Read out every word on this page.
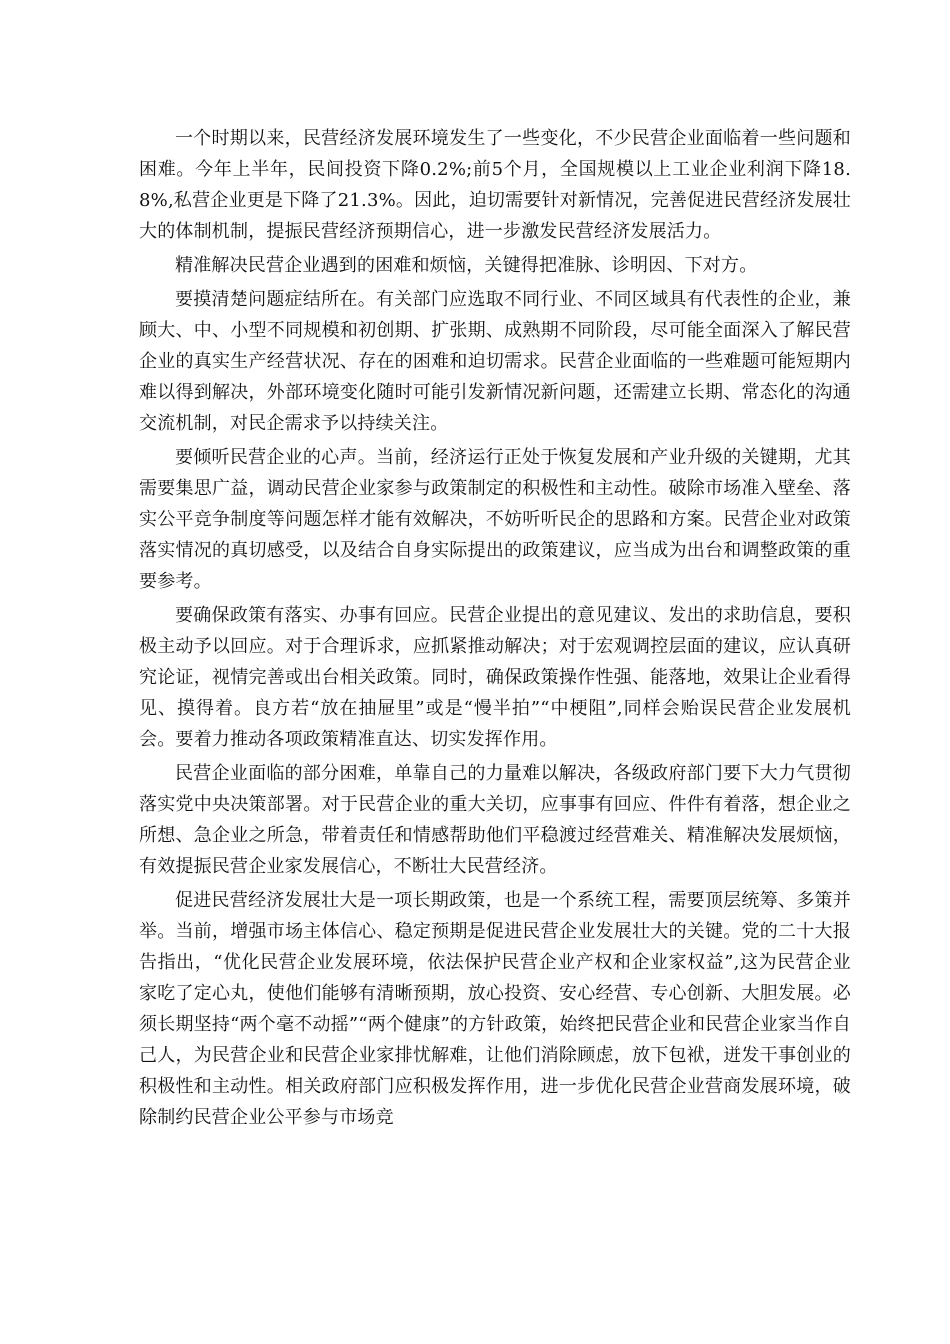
一个时期以来，民营经济发展环境发生了一些变化，不少民营企业面临着一些问题和困难。今年上半年，民间投资下降0.2%;前5个月，全国规模以上工业企业利润下降18.8%,私营企业更是下降了21.3%。因此，迫切需要针对新情况，完善促进民营经济发展壮大的体制机制，提振民营经济预期信心，进一步激发民营经济发展活力。

精准解决民营企业遇到的困难和烦恼，关键得把准脉、诊明因、下对方。

要摸清楚问题症结所在。有关部门应选取不同行业、不同区域具有代表性的企业，兼顾大、中、小型不同规模和初创期、扩张期、成熟期不同阶段，尽可能全面深入了解民营企业的真实生产经营状况、存在的困难和迫切需求。民营企业面临的一些难题可能短期内难以得到解决，外部环境变化随时可能引发新情况新问题，还需建立长期、常态化的沟通交流机制，对民企需求予以持续关注。

要倾听民营企业的心声。当前，经济运行正处于恢复发展和产业升级的关键期，尤其需要集思广益，调动民营企业家参与政策制定的积极性和主动性。破除市场准入壁垒、落实公平竞争制度等问题怎样才能有效解决，不妨听听民企的思路和方案。民营企业对政策落实情况的真切感受，以及结合自身实际提出的政策建议，应当成为出台和调整政策的重要参考。

要确保政策有落实、办事有回应。民营企业提出的意见建议、发出的求助信息，要积极主动予以回应。对于合理诉求，应抓紧推动解决；对于宏观调控层面的建议，应认真研究论证，视情完善或出台相关政策。同时，确保政策操作性强、能落地，效果让企业看得见、摸得着。良方若“放在抽屉里”或是“慢半拍”“中梗阻”,同样会贻误民营企业发展机会。要着力推动各项政策精准直达、切实发挥作用。

民营企业面临的部分困难，单靠自己的力量难以解决，各级政府部门要下大力气贯彻落实党中央决策部署。对于民营企业的重大关切，应事事有回应、件件有着落，想企业之所想、急企业之所急，带着责任和情感帮助他们平稳渡过经营难关、精准解决发展烦恼，有效提振民营企业家发展信心，不断壮大民营经济。

促进民营经济发展壮大是一项长期政策，也是一个系统工程，需要顶层统筹、多策并举。当前，增强市场主体信心、稳定预期是促进民营企业发展壮大的关键。党的二十大报告指出，“优化民营企业发展环境，依法保护民营企业产权和企业家权益”,这为民营企业家吃了定心丸，使他们能够有清晰预期，放心投资、安心经营、专心创新、大胆发展。必须长期坚持“两个毫不动摇”“两个健康”的方针政策，始终把民营企业和民营企业家当作自己人，为民营企业和民营企业家排忧解难，让他们消除顾虑，放下包袱，迸发干事创业的积极性和主动性。相关政府部门应积极发挥作用，进一步优化民营企业营商发展环境，破除制约民营企业公平参与市场竞
